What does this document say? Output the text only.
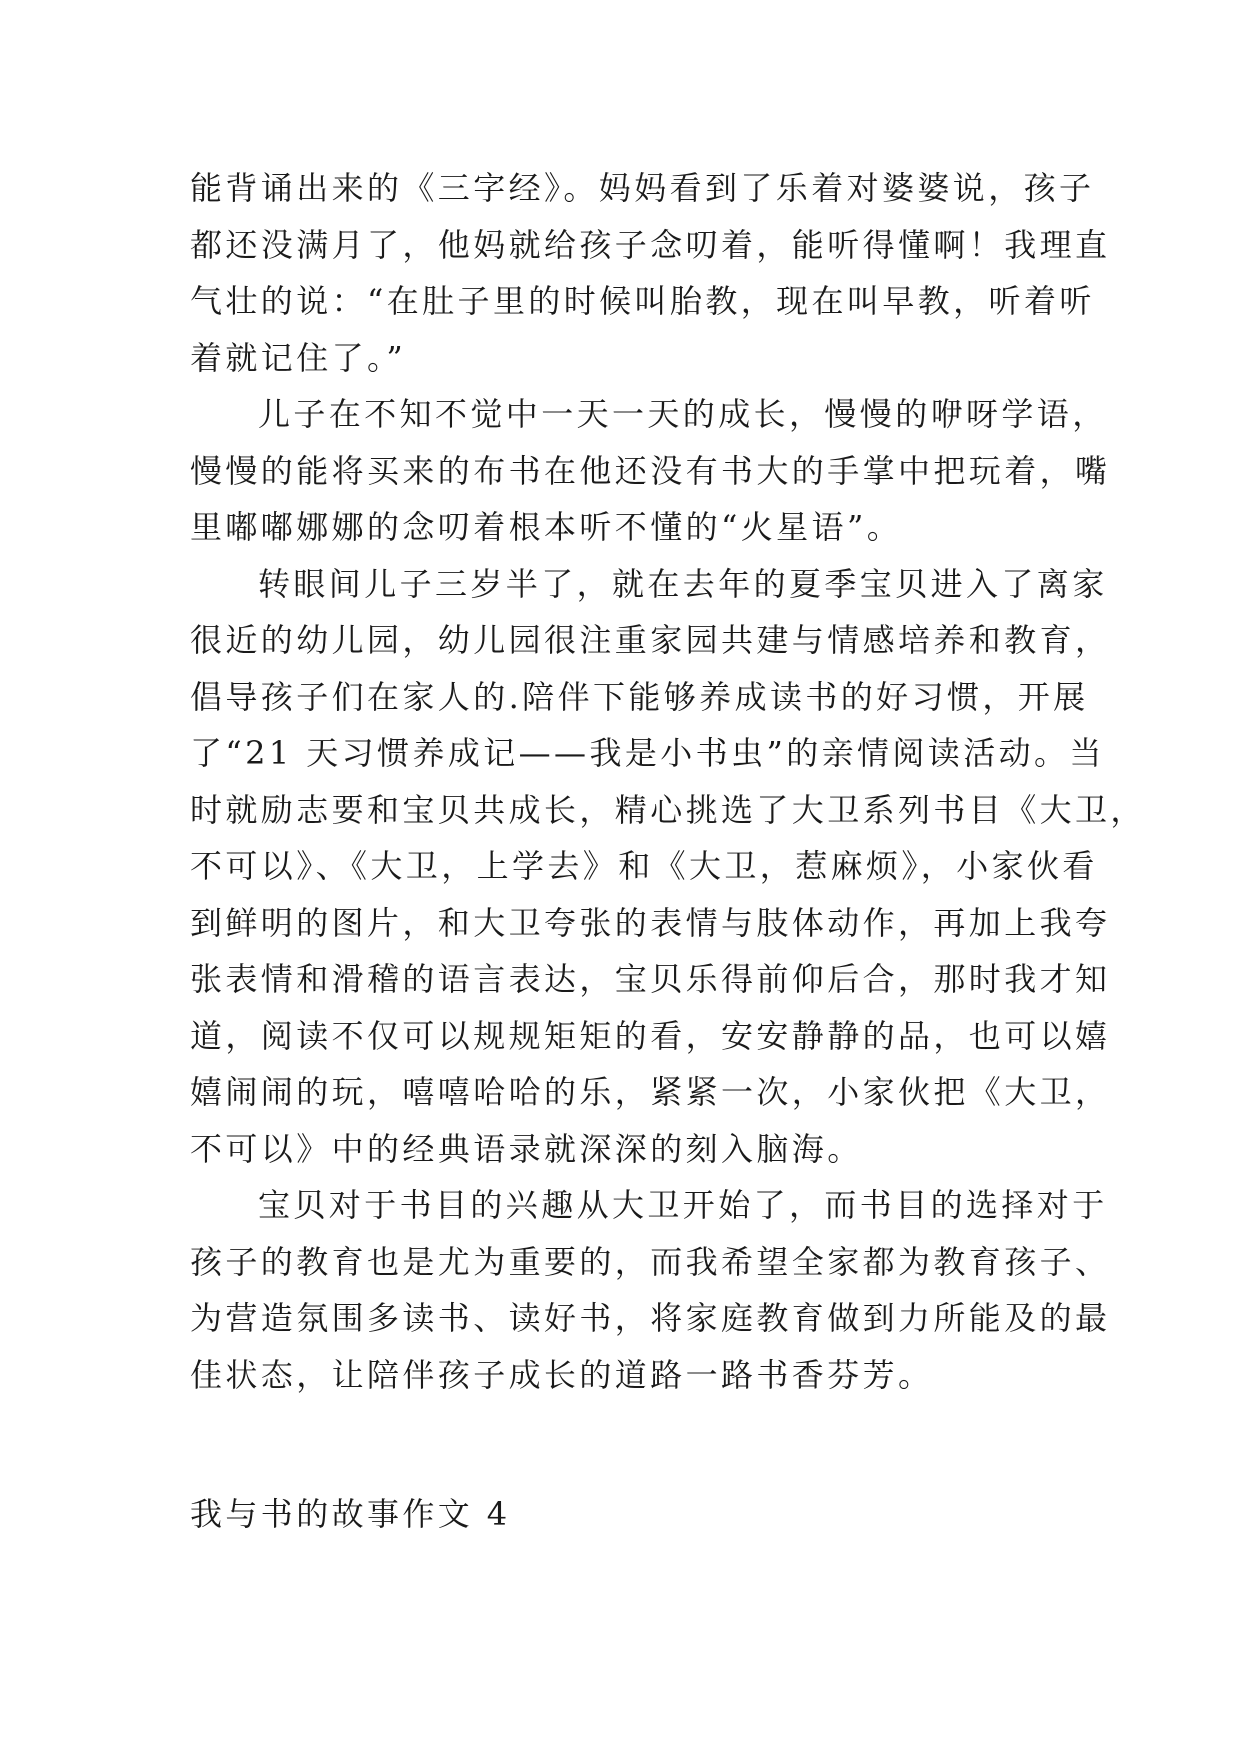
能背诵出来的《三字经》。妈妈看到了乐着对婆婆说，孩子
都还没满月了，他妈就给孩子念叨着，能听得懂啊！我理直
气壮的说：“在肚子里的时候叫胎教，现在叫早教，听着听
着就记住了。”
儿子在不知不觉中一天一天的成长，慢慢的咿呀学语，
慢慢的能将买来的布书在他还没有书大的手掌中把玩着，嘴
里嘟嘟娜娜的念叨着根本听不懂的“火星语”。
转眼间儿子三岁半了，就在去年的夏季宝贝进入了离家
很近的幼儿园，幼儿园很注重家园共建与情感培养和教育，
倡导孩子们在家人的.陪伴下能够养成读书的好习惯，开展
了“21 天习惯养成记——我是小书虫”的亲情阅读活动。当
时就励志要和宝贝共成长，精心挑选了大卫系列书目《大卫，
不可以》、《大卫，上学去》和《大卫，惹麻烦》，小家伙看
到鲜明的图片，和大卫夸张的表情与肢体动作，再加上我夸
张表情和滑稽的语言表达，宝贝乐得前仰后合，那时我才知
道，阅读不仅可以规规矩矩的看，安安静静的品，也可以嬉
嬉闹闹的玩，嘻嘻哈哈的乐，紧紧一次，小家伙把《大卫，
不可以》中的经典语录就深深的刻入脑海。
宝贝对于书目的兴趣从大卫开始了，而书目的选择对于
孩子的教育也是尤为重要的，而我希望全家都为教育孩子、
为营造氛围多读书、读好书，将家庭教育做到力所能及的最
佳状态，让陪伴孩子成长的道路一路书香芬芳。
我与书的故事作文 4
